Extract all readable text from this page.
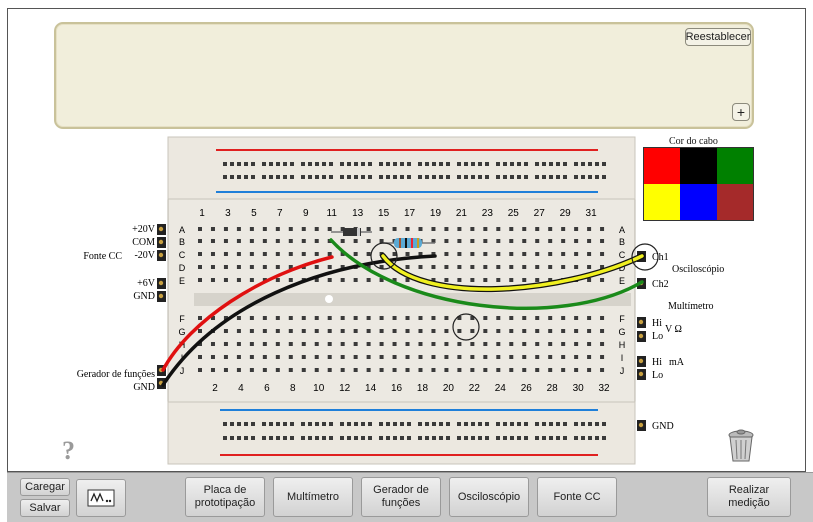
Reestablecer
+
1 3 5 7 9 11 13 15 17 19 21 23 25 27 29 31
2 4 6 8 10 12 14 16 18 20 22 24 26 28 30 32
A	A
B	B
C	C
D	D
E	E
F	F
G	G
H	H
I	I
J	J
+20V
COM
-20V
Fonte CC
+6V
GND
Gerador de funções
GND
Ch1
Osciloscópio
Ch2
Multímetro
Hi
V Ω
Lo
Hi mA
Lo
GND
Cor do cabo
?
Caregar
Salvar
Placa de prototipação
Multímetro
Gerador de funções
Osciloscópio	Fonte CC
Realizar medição
